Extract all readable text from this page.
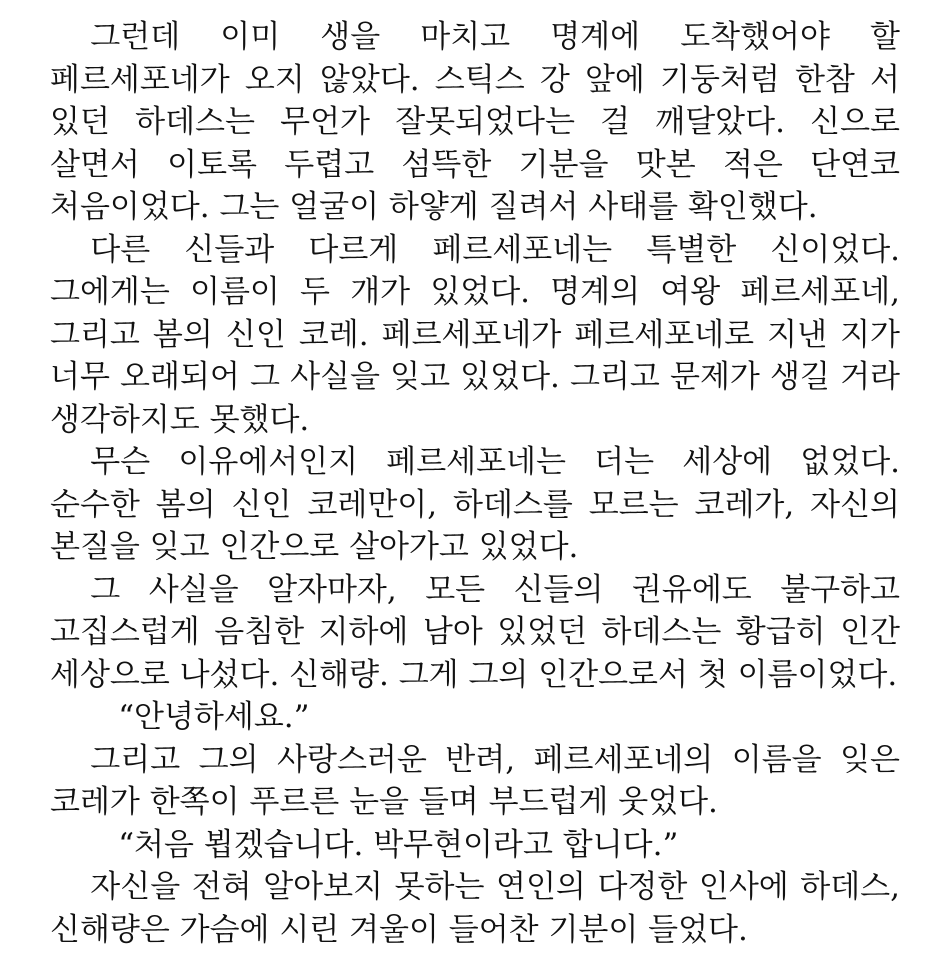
그런데 이미 생을 마치고 명계에 도착했어야 할 페르세포네가 오지 않았다. 스틱스 강 앞에 기둥처럼 한참 서 있던 하데스는 무언가 잘못되었다는 걸 깨달았다. 신으로 살면서 이토록 두렵고 섬뜩한 기분을 맛본 적은 단연코 처음이었다. 그는 얼굴이 하얗게 질려서 사태를 확인했다.

다른 신들과 다르게 페르세포네는 특별한 신이었다. 그에게는 이름이 두 개가 있었다. 명계의 여왕 페르세포네, 그리고 봄의 신인 코레. 페르세포네가 페르세포네로 지낸 지가 너무 오래되어 그 사실을 잊고 있었다. 그리고 문제가 생길 거라 생각하지도 못했다.

무슨 이유에서인지 페르세포네는 더는 세상에 없었다. 순수한 봄의 신인 코레만이, 하데스를 모르는 코레가, 자신의 본질을 잊고 인간으로 살아가고 있었다.

그 사실을 알자마자, 모든 신들의 권유에도 불구하고 고집스럽게 음침한 지하에 남아 있었던 하데스는 황급히 인간 세상으로 나섰다. 신해량. 그게 그의 인간으로서 첫 이름이었다.

“안녕하세요.”

그리고 그의 사랑스러운 반려, 페르세포네의 이름을 잊은 코레가 한쪽이 푸르른 눈을 들며 부드럽게 웃었다.

“처음 뵙겠습니다. 박무현이라고 합니다.”

자신을 전혀 알아보지 못하는 연인의 다정한 인사에 하데스, 신해량은 가슴에 시린 겨울이 들어찬 기분이 들었다.
